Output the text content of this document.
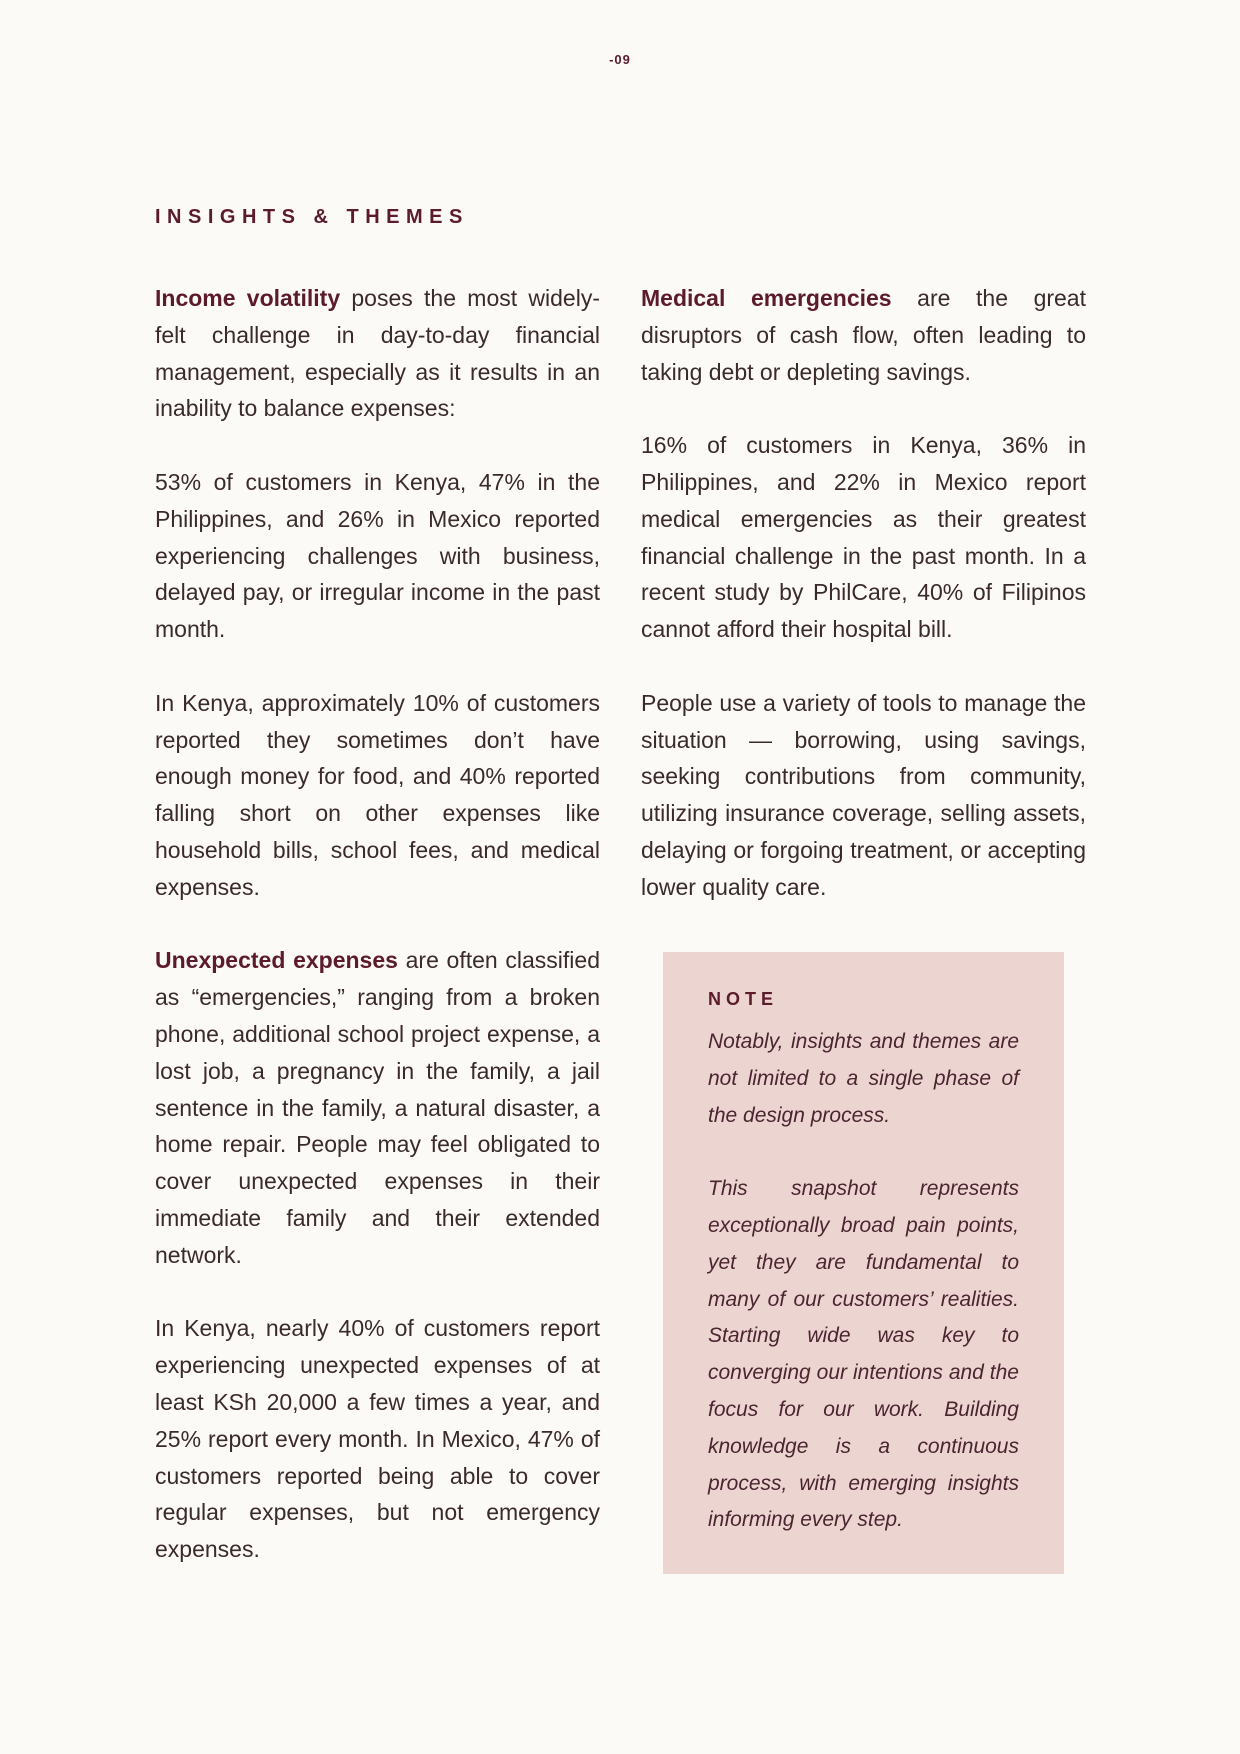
-09
INSIGHTS & THEMES

Income volatility poses the most widely-felt challenge in day-to-day financial management, especially as it results in an inability to balance expenses:

53% of customers in Kenya, 47% in the Philippines, and 26% in Mexico reported experiencing challenges with business, delayed pay, or irregular income in the past month.

In Kenya, approximately 10% of customers reported they sometimes don’t have enough money for food, and 40% reported falling short on other expenses like household bills, school fees, and medical expenses.

Unexpected expenses are often classified as “emergencies,” ranging from a broken phone, additional school project expense, a lost job, a pregnancy in the family, a jail sentence in the family, a natural disaster, a home repair. People may feel obligated to cover unexpected expenses in their immediate family and their extended network.

In Kenya, nearly 40% of customers report experiencing unexpected expenses of at least KSh 20,000 a few times a year, and 25% report every month. In Mexico, 47% of customers reported being able to cover regular expenses, but not emergency expenses.

Medical emergencies are the great disruptors of cash flow, often leading to taking debt or depleting savings.

16% of customers in Kenya, 36% in Philippines, and 22% in Mexico report medical emergencies as their greatest financial challenge in the past month. In a recent study by PhilCare, 40% of Filipinos cannot afford their hospital bill.

People use a variety of tools to manage the situation — borrowing, using savings, seeking contributions from community, utilizing insurance coverage, selling assets, delaying or forgoing treatment, or accepting lower quality care.

NOTE

Notably, insights and themes are not limited to a single phase of the design process.

This snapshot represents exceptionally broad pain points, yet they are fundamental to many of our customers’ realities. Starting wide was key to converging our intentions and the focus for our work. Building knowledge is a continuous process, with emerging insights informing every step.
